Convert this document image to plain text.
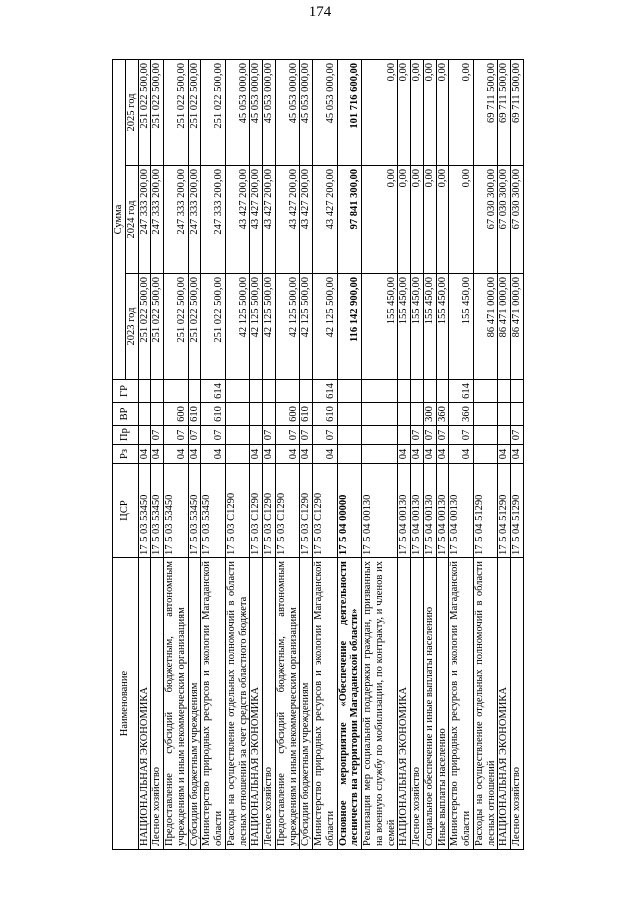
174
Наименование	ЦСР	Рз	Пр	ВР	ГР	Сумма		
						2023 год	2024 год	2025 год
НАЦИОНАЛЬНАЯ ЭКОНОМИКА	17 5 03 53450	04				251 022 500,00	247 333 200,00	251 022 500,00
Лесное хозяйство	17 5 03 53450	04	07			251 022 500,00	247 333 200,00	251 022 500,00
Предоставление субсидий бюджетным, автономным учреждениям и иным некоммерческим организациям	17 5 03 53450	04	07	600		251 022 500,00	247 333 200,00	251 022 500,00
Субсидии бюджетным учреждениям	17 5 03 53450	04	07	610		251 022 500,00	247 333 200,00	251 022 500,00
Министерство природных ресурсов и экологии Магаданской области	17 5 03 53450	04	07	610	614	251 022 500,00	247 333 200,00	251 022 500,00
Расходы на осуществление отдельных полномочий в области лесных отношений за счет средств областного бюджета	17 5 03 С1290					42 125 500,00	43 427 200,00	45 053 000,00
НАЦИОНАЛЬНАЯ ЭКОНОМИКА	17 5 03 С1290	04				42 125 500,00	43 427 200,00	45 053 000,00
Лесное хозяйство	17 5 03 С1290	04	07			42 125 500,00	43 427 200,00	45 053 000,00
Предоставление субсидий бюджетным, автономным учреждениям и иным некоммерческим организациям	17 5 03 С1290	04	07	600		42 125 500,00	43 427 200,00	45 053 000,00
Субсидии бюджетным учреждениям	17 5 03 С1290	04	07	610		42 125 500,00	43 427 200,00	45 053 000,00
Министерство природных ресурсов и экологии Магаданской области	17 5 03 С1290	04	07	610	614	42 125 500,00	43 427 200,00	45 053 000,00
Основное мероприятие «Обеспечение деятельности лесничеств на территории Магаданской области»	17 5 04 00000					116 142 900,00	97 841 300,00	101 716 600,00
Реализация мер социальной поддержки граждан, призванных на военную службу по мобилизации, по контракту, и членов их семей	17 5 04 00130					155 450,00	0,00	0,00
НАЦИОНАЛЬНАЯ ЭКОНОМИКА	17 5 04 00130	04				155 450,00	0,00	0,00
Лесное хозяйство	17 5 04 00130	04	07			155 450,00	0,00	0,00
Социальное обеспечение и иные выплаты населению	17 5 04 00130	04	07	300		155 450,00	0,00	0,00
Иные выплаты населению	17 5 04 00130	04	07	360		155 450,00	0,00	0,00
Министерство природных ресурсов и экологии Магаданской области	17 5 04 00130	04	07	360	614	155 450,00	0,00	0,00
Расходы на осуществление отдельных полномочий в области лесных отношений	17 5 04 51290					86 471 000,00	67 030 300,00	69 711 500,00
НАЦИОНАЛЬНАЯ ЭКОНОМИКА	17 5 04 51290	04				86 471 000,00	67 030 300,00	69 711 500,00
Лесное хозяйство	17 5 04 51290	04	07			86 471 000,00	67 030 300,00	69 711 500,00
